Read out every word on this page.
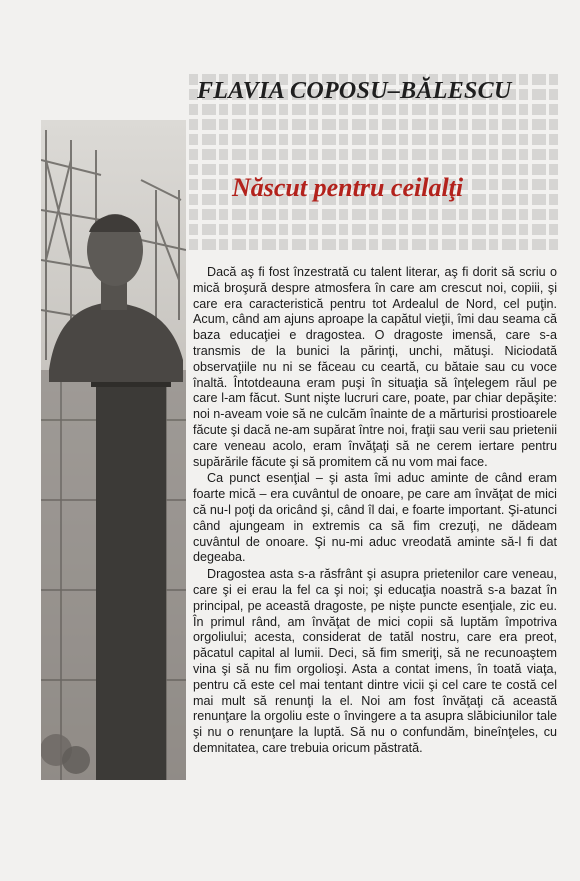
FLAVIA COPOSU–BĂLESCU
Născut pentru ceilalţi

Dacă aş fi fost înzestrată cu talent literar, aş fi dorit să scriu o mică broşură despre atmosfera în care am crescut noi, copiii, şi care era caracteristică pentru tot Ardealul de Nord, cel puţin. Acum, când am ajuns aproape la capătul vieţii, îmi dau seama că baza educaţiei e dragostea. O dragoste imensă, care s-a transmis de la bunici la părinţi, unchi, mătuşi. Niciodată observaţiile nu ni se făceau cu ceartă, cu bătaie sau cu voce înaltă. Întotdeauna eram puşi în situaţia să înţelegem răul pe care l-am făcut. Sunt nişte lucruri care, poate, par chiar depăşite: noi n-aveam voie să ne culcăm înainte de a mărturisi prostioarele făcute şi dacă ne-am supărat între noi, fraţii sau verii sau prietenii care veneau acolo, eram învăţaţi să ne cerem iertare pentru supărările făcute şi să promitem că nu vom mai face.

Ca punct esenţial – şi asta îmi aduc aminte de când eram foarte mică – era cuvântul de onoare, pe care am învăţat de mici că nu-l poţi da oricând şi, când îl dai, e foarte important. Şi-atunci când ajungeam in extremis ca să fim crezuţi, ne dădeam cuvântul de onoare. Şi nu-mi aduc vreodată aminte să-l fi dat degeaba.

Dragostea asta s-a răsfrânt şi asupra prietenilor care veneau, care şi ei erau la fel ca şi noi; şi educaţia noastră s-a bazat în principal, pe această dragoste, pe nişte puncte esenţiale, zic eu. În primul rând, am învăţat de mici copii să luptăm împotriva orgoliului; acesta, considerat de tatăl nostru, care era preot, păcatul capital al lumii. Deci, să fim smeriţi, să ne recunoaştem vina şi să nu fim orgolioşi. Asta a contat imens, în toată viaţa, pentru că este cel mai tentant dintre vicii şi cel care te costă cel mai mult să renunţi la el. Noi am fost învăţaţi că această renunţare la orgoliu este o învingere a ta asupra slăbiciunilor tale şi nu o renunţare la luptă. Să nu o confundăm, bineînţeles, cu demnitatea, care trebuia oricum păstrată.
